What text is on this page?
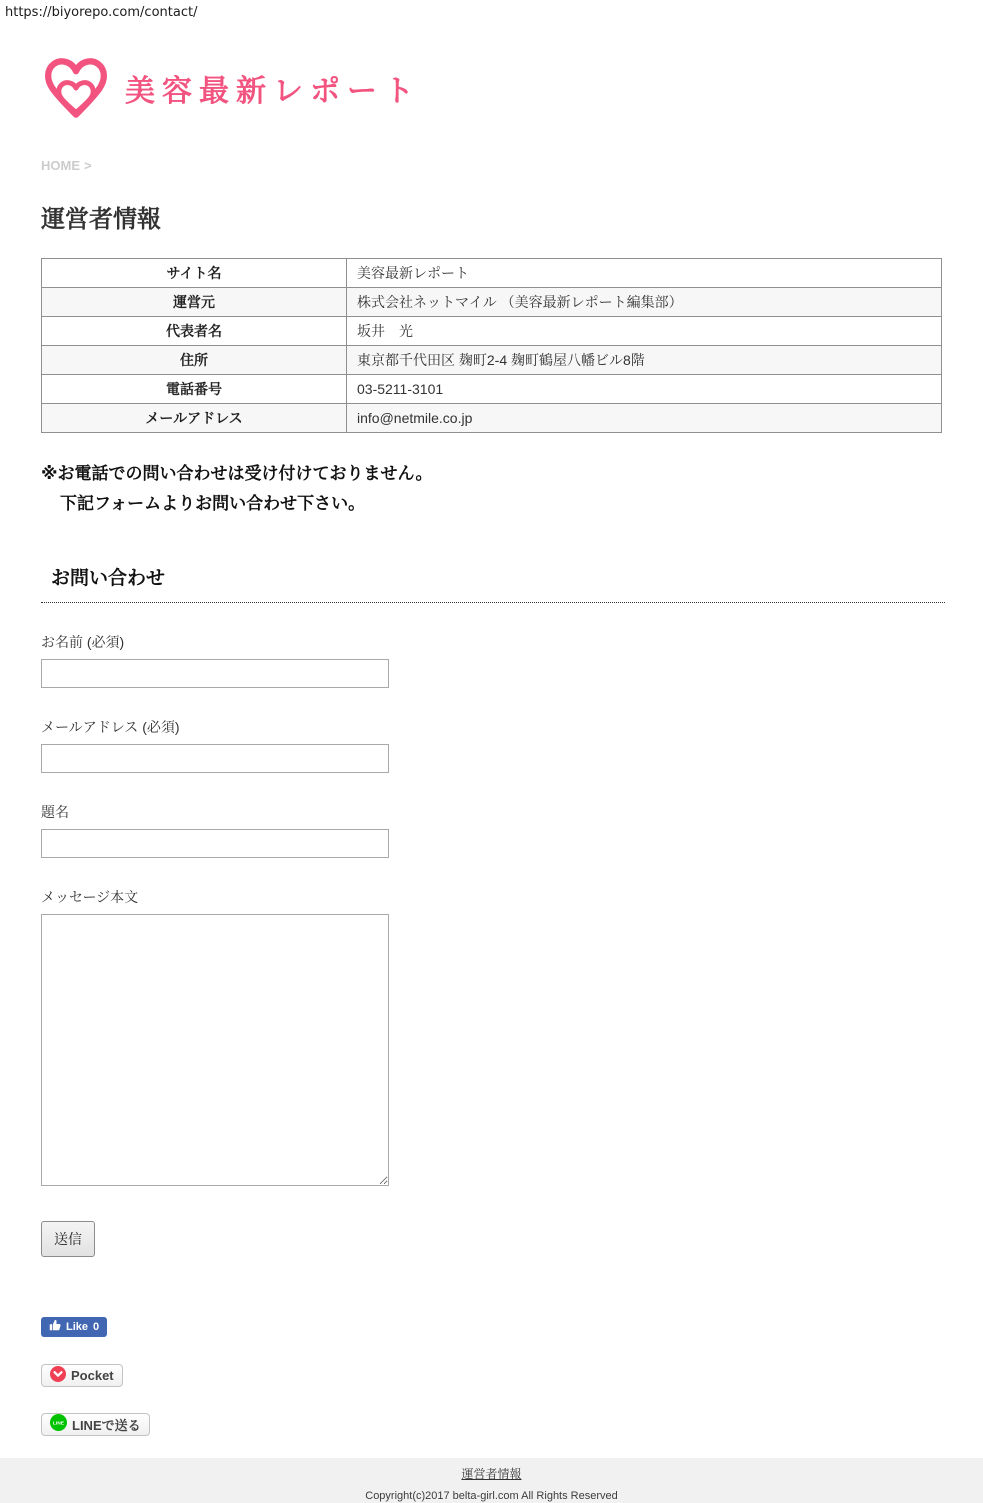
https://biyorepo.com/contact/
美容最新レポート
HOME >
運営者情報
サイト名	美容最新レポート
運営元	株式会社ネットマイル （美容最新レポート編集部）
代表者名	坂井　光
住所	東京都千代田区 麹町2-4 麹町鶴屋八幡ビル8階
電話番号	03-5211-3101
メールアドレス	info@netmile.co.jp
※お電話での問い合わせは受け付けておりません。
下記フォームよりお問い合わせ下さい。
お問い合わせ
お名前 (必須)
メールアドレス (必須)
題名
メッセージ本文
送信
Like 0
Pocket
LINE LINEで送る
運営者情報
Copyright(c)2017 belta-girl.com All Rights Reserved
